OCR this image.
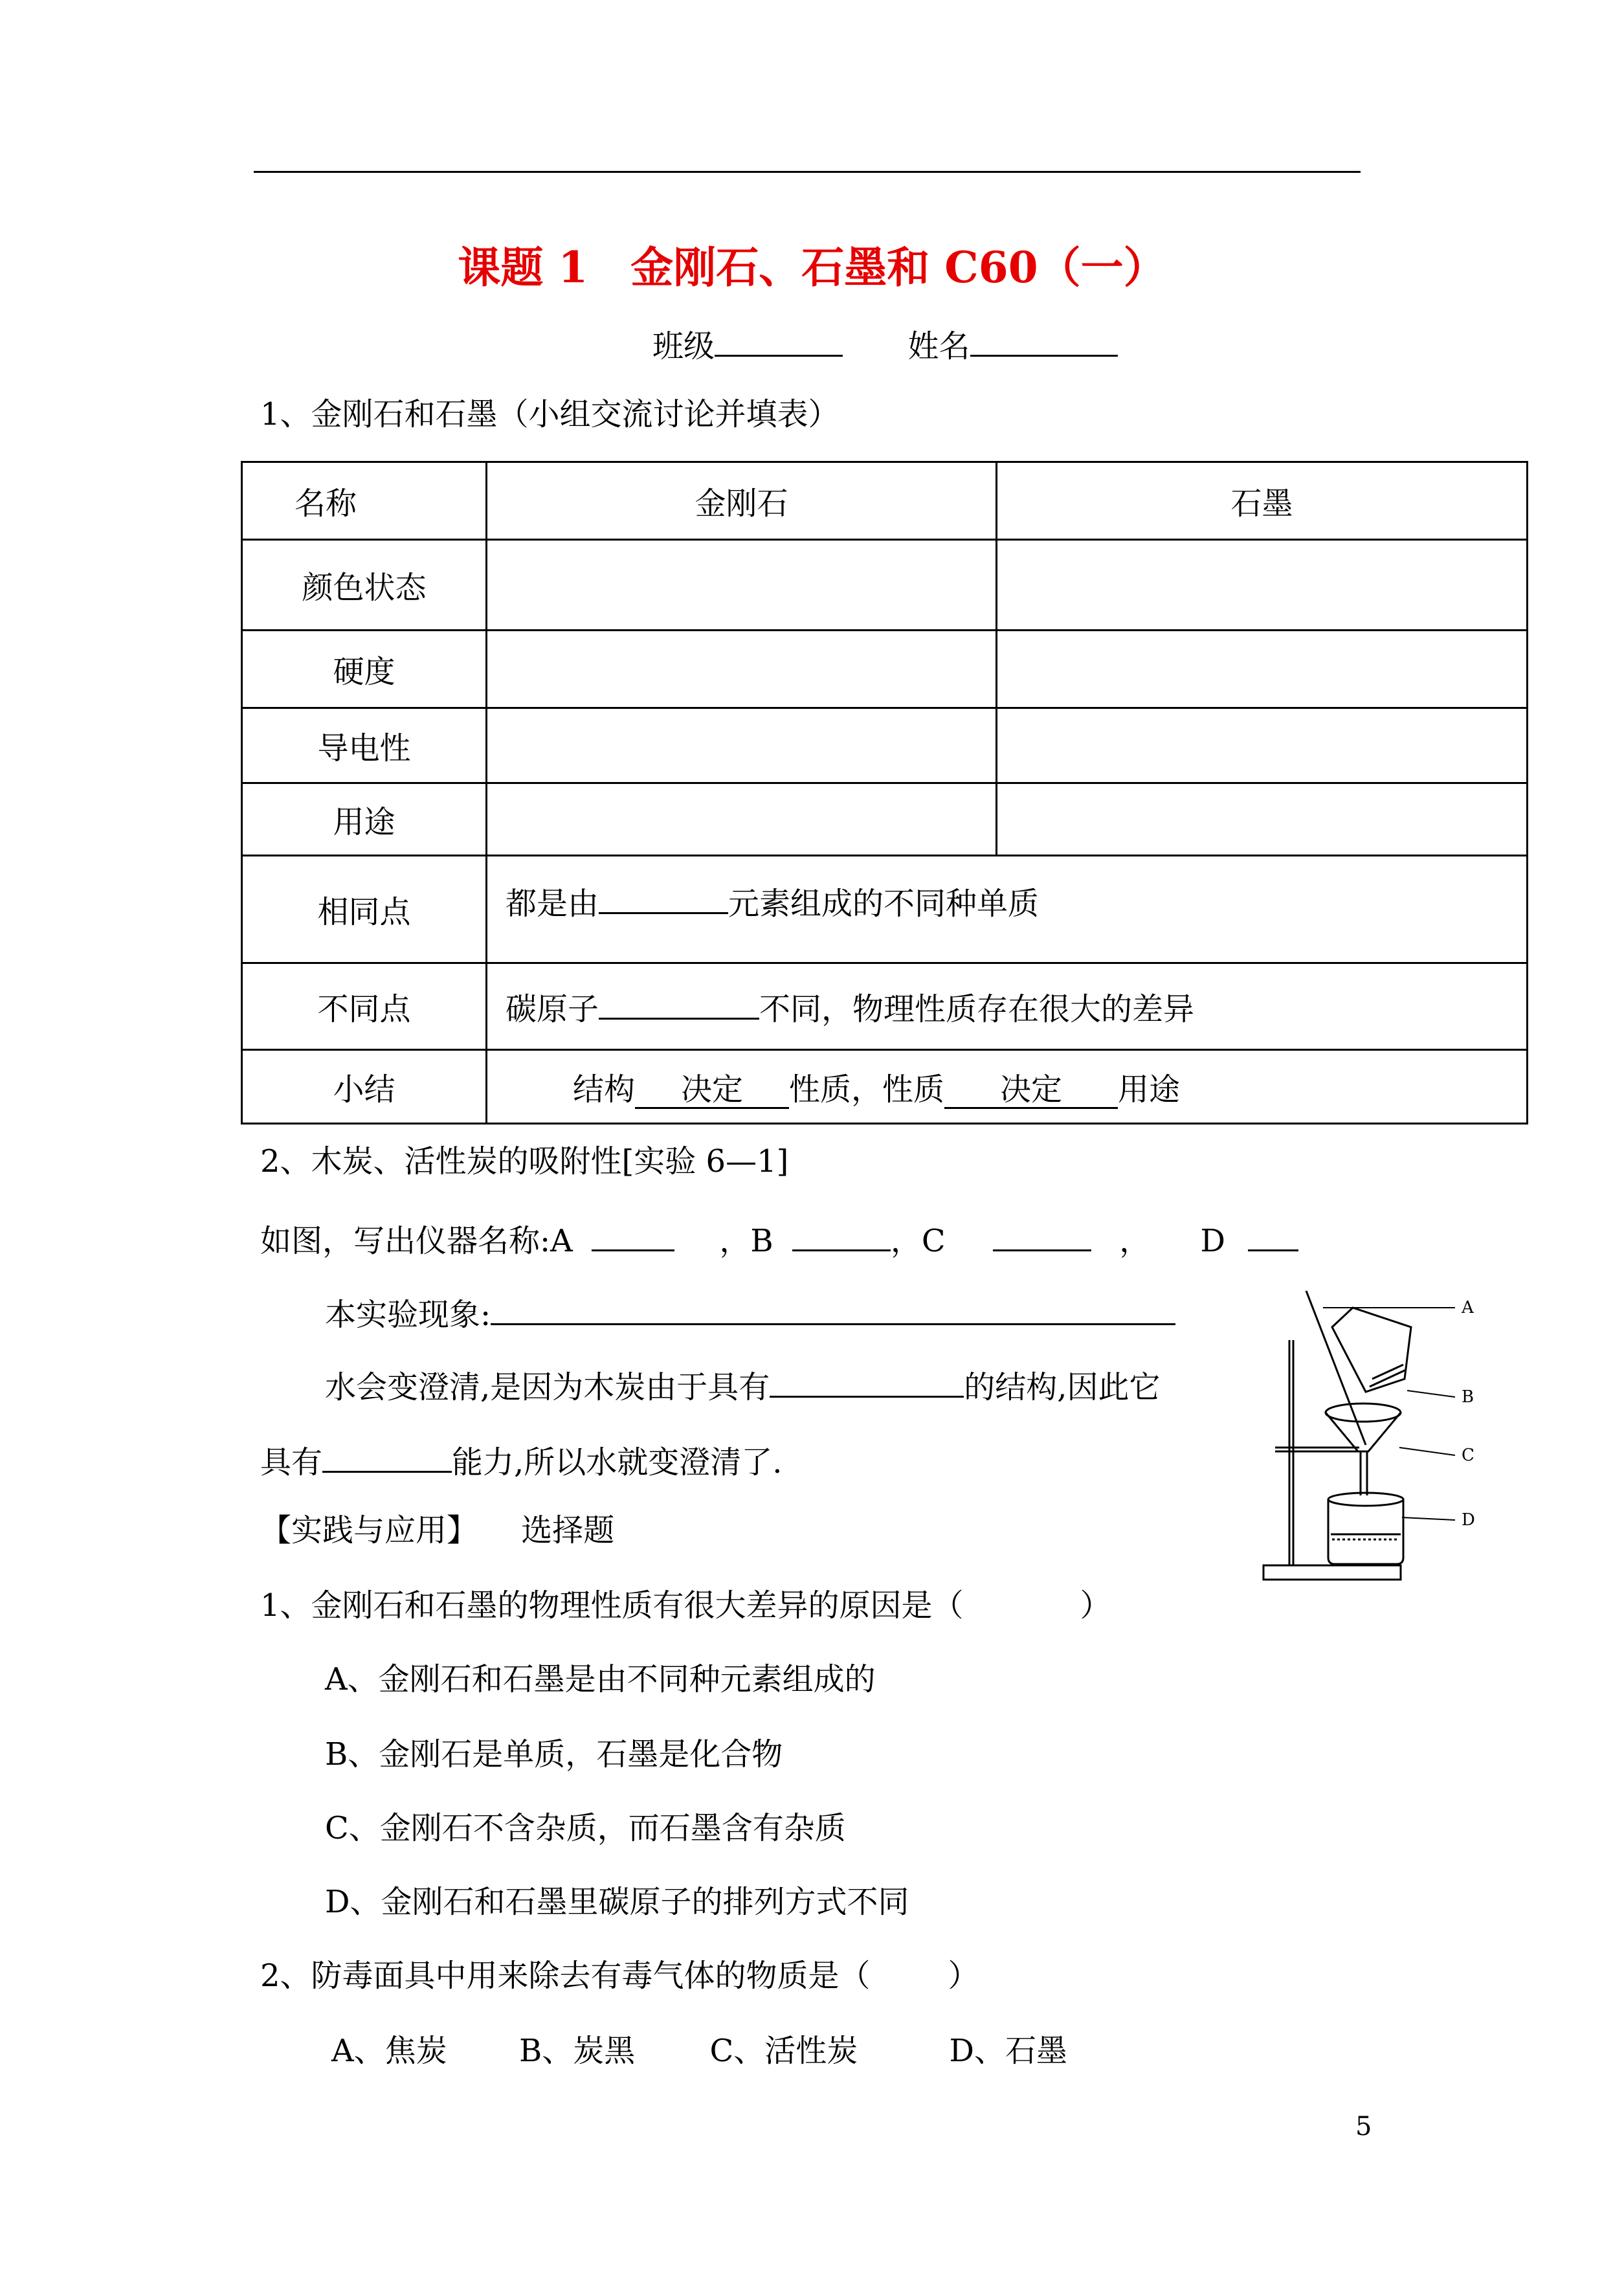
课题 1　金刚石、石墨和 C60（一）
班级	姓名
1、金刚石和石墨（小组交流讨论并填表）
名称	金刚石	石墨
颜色状态		
硬度		
导电性		
用途		
相同点	都是由 元素组成的不同种单质	
不同点	碳原子 不同，物理性质存在很大的差异	
小结	结构 决定 性质，性质 决定 用途	
2、木炭、活性炭的吸附性[实验 6—1]
如图，写出仪器名称:A	，B	，C	， D
本实验现象:
水会变澄清,是因为木炭由于具有	的结构,因此它
具有	能力,所以水就变澄清了.
A
B
C
D
【实践与应用】 选择题
1、金刚石和石墨的物理性质有很大差异的原因是（	）
A、金刚石和石墨是由不同种元素组成的
B、金刚石是单质，石墨是化合物
C、金刚石不含杂质，而石墨含有杂质
D、金刚石和石墨里碳原子的排列方式不同
2、防毒面具中用来除去有毒气体的物质是（	）
A、焦炭 B、炭黑 C、活性炭	D、石墨
5
